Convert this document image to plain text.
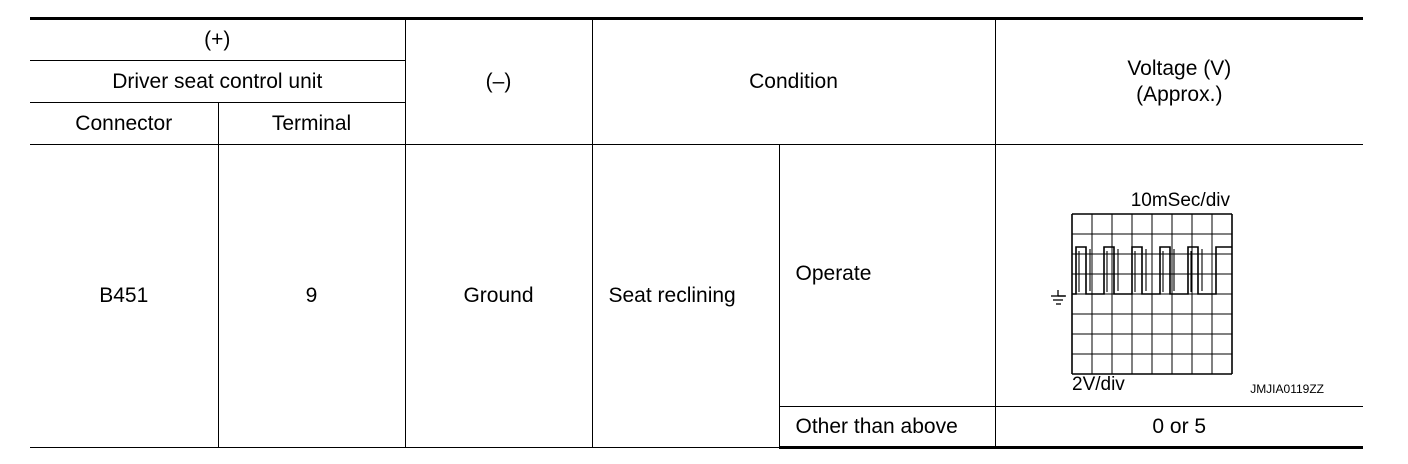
(+)		(–)	Condition		Voltage (V)
(Approx.)

Driver seat control unit					
Connector	Terminal				
B451	9	Ground	Seat reclining	Operate	10mSec/div
2V/div JMJIA0119ZZ

				Other than above	0 or 5
